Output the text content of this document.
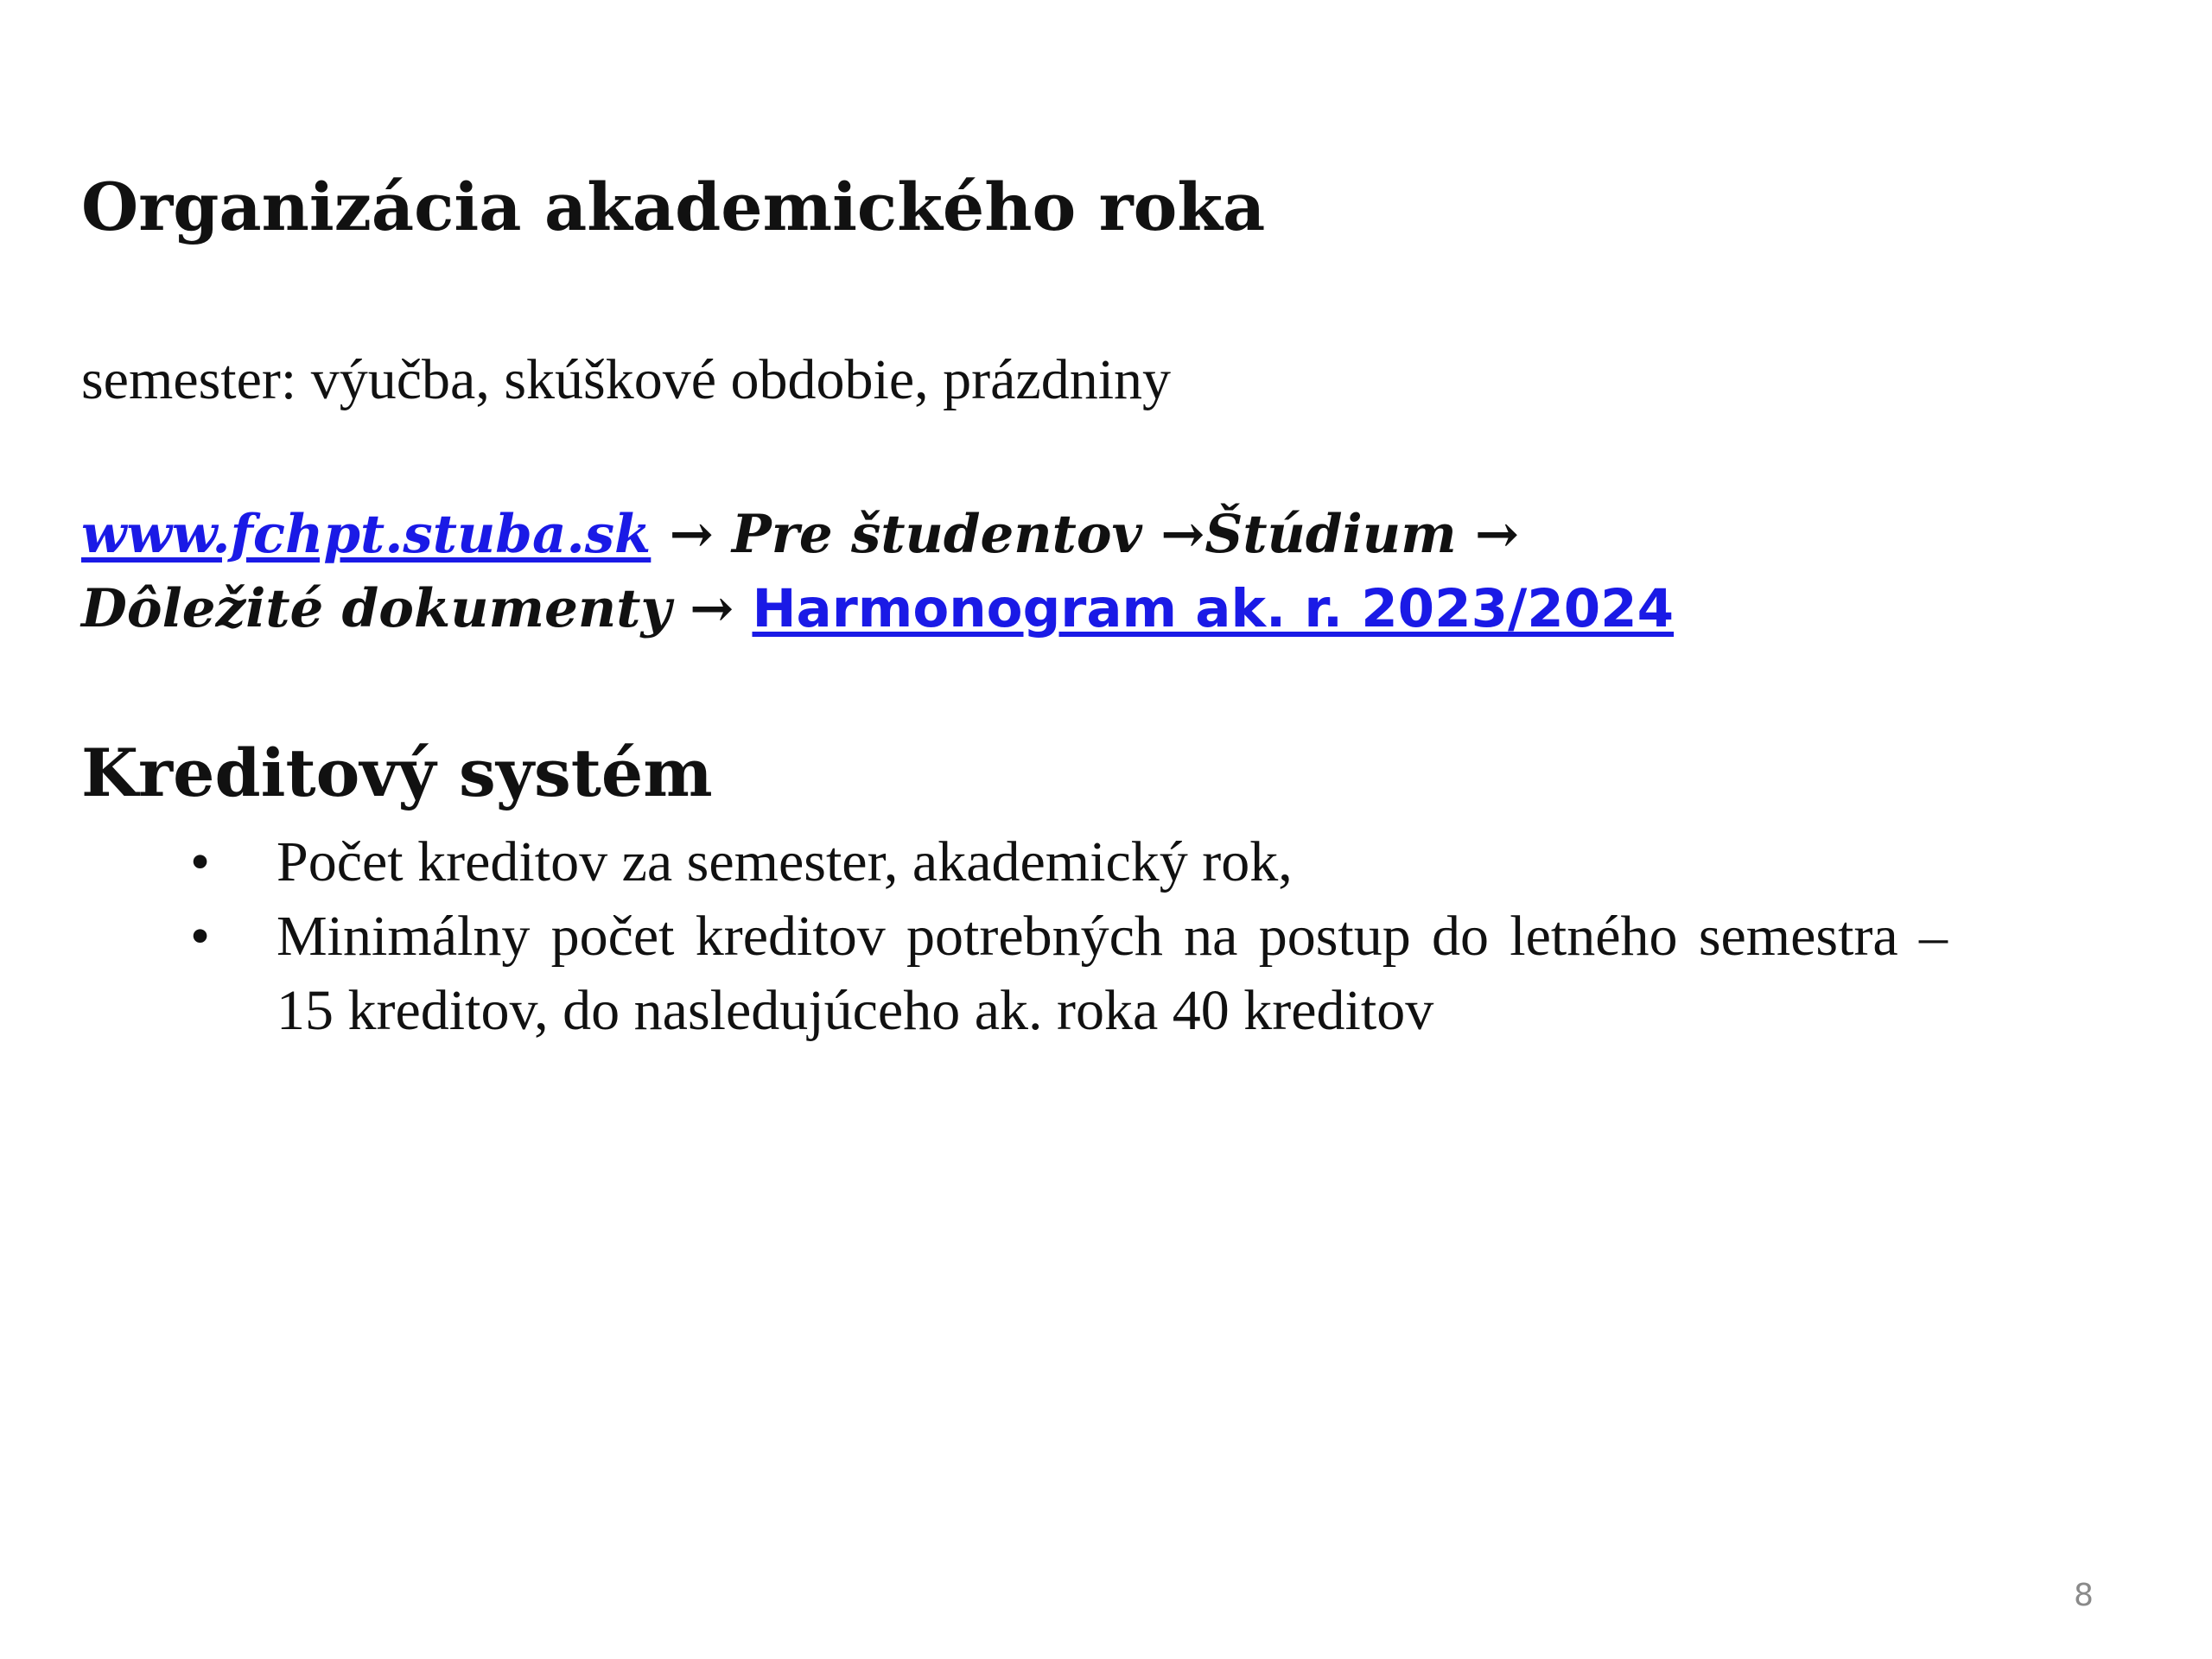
Organizácia akademického roka
semester: výučba, skúškové obdobie, prázdniny
www.fchpt.stuba.sk → Pre študentov →Štúdium → Dôležité dokumenty → Harmonogram ak. r. 2023/2024
Kreditový systém
• Počet kreditov za semester, akademický rok,
• Minimálny počet kreditov potrebných na postup do letného semestra – 15 kreditov, do nasledujúceho ak. roka 40 kreditov
8
